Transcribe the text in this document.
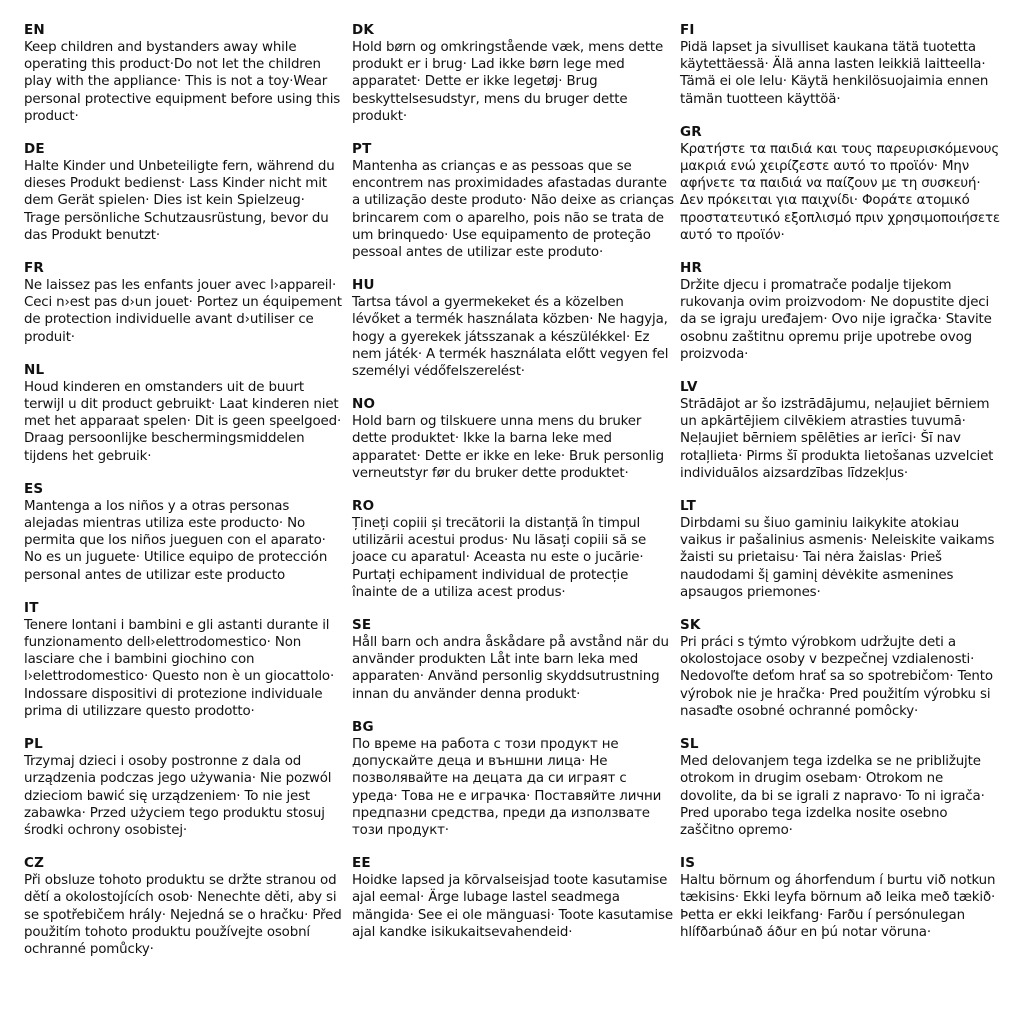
EN
Keep children and bystanders away while operating this product·Do not let the children play with the appliance· This is not a toy·Wear personal protective equipment before using this product·
DE
Halte Kinder und Unbeteiligte fern, während du dieses Produkt bedienst· Lass Kinder nicht mit dem Gerät spielen· Dies ist kein Spielzeug· Trage persönliche Schutzausrüstung, bevor du das Produkt benutzt·
FR
Ne laissez pas les enfants jouer avec l›appareil· Ceci n›est pas d›un jouet· Portez un équipement de protection individuelle avant d›utiliser ce produit·
NL
Houd kinderen en omstanders uit de buurt terwijl u dit product gebruikt· Laat kinderen niet met het apparaat spelen· Dit is geen speelgoed· Draag persoonlijke beschermingsmiddelen tijdens het gebruik·
ES
Mantenga a los niños y a otras personas alejadas mientras utiliza este producto· No permita que los niños jueguen con el aparato· No es un juguete· Utilice equipo de protección personal antes de utilizar este producto
IT
Tenere lontani i bambini e gli astanti durante il funzionamento dell›elettrodomestico· Non lasciare che i bambini giochino con l›elettrodomestico· Questo non è un giocattolo· Indossare dispositivi di protezione individuale prima di utilizzare questo prodotto·
PL
Trzymaj dzieci i osoby postronne z dala od urządzenia podczas jego używania· Nie pozwól dzieciom bawić się urządzeniem· To nie jest zabawka· Przed użyciem tego produktu stosuj środki ochrony osobistej·
CZ
Při obsluze tohoto produktu se držte stranou od dětí a okolostojících osob· Nenechte děti, aby si se spotřebičem hrály· Nejedná se o hračku· Před použitím tohoto produktu používejte osobní ochranné pomůcky·
DK
Hold børn og omkringstående væk, mens dette produkt er i brug· Lad ikke børn lege med apparatet· Dette er ikke legetøj· Brug beskyttelsesudstyr, mens du bruger dette produkt·
PT
Mantenha as crianças e as pessoas que se encontrem nas proximidades afastadas durante a utilização deste produto· Não deixe as crianças brincarem com o aparelho, pois não se trata de um brinquedo· Use equipamento de proteção pessoal antes de utilizar este produto·
HU
Tartsa távol a gyermekeket és a közelben lévőket a termék használata közben· Ne hagyja, hogy a gyerekek játsszanak a készülékkel· Ez nem játék· A termék használata előtt vegyen fel személyi védőfelszerelést·
NO
Hold barn og tilskuere unna mens du bruker dette produktet· Ikke la barna leke med apparatet· Dette er ikke en leke· Bruk personlig verneutstyr før du bruker dette produktet·
RO
Țineți copiii și trecătorii la distanță în timpul utilizării acestui produs· Nu lăsați copiii să se joace cu aparatul· Aceasta nu este o jucărie· Purtați echipament individual de protecție înainte de a utiliza acest produs·
SE
Håll barn och andra åskådare på avstånd när du använder produkten Låt inte barn leka med apparaten· Använd personlig skyddsutrustning innan du använder denna produkt·
BG
По време на работа с този продукт не допускайте деца и външни лица· Не позволявайте на децата да си играят с уреда· Това не е играчка· Поставяйте лични предпазни средства, преди да използвате този продукт·
EE
Hoidke lapsed ja kõrvalseisjad toote kasutamise ajal eemal· Ärge lubage lastel seadmega mängida· See ei ole mänguasi· Toote kasutamise ajal kandke isikukaitsevahendeid·
FI
Pidä lapset ja sivulliset kaukana tätä tuotetta käytettäessä· Älä anna lasten leikkiä laitteella· Tämä ei ole lelu· Käytä henkilösuojaimia ennen tämän tuotteen käyttöä·
GR
Κρατήστε τα παιδιά και τους παρευρισκόμενους μακριά ενώ χειρίζεστε αυτό το προϊόν· Μην αφήνετε τα παιδιά να παίζουν με τη συσκευή· Δεν πρόκειται για παιχνίδι· Φοράτε ατομικό προστατευτικό εξοπλισμό πριν χρησιμοποιήσετε αυτό το προϊόν·
HR
Držite djecu i promatrače podalje tijekom rukovanja ovim proizvodom· Ne dopustite djeci da se igraju uređajem· Ovo nije igračka· Stavite osobnu zaštitnu opremu prije upotrebe ovog proizvoda·
LV
Strādājot ar šo izstrādājumu, neļaujiet bērniem un apkārtējiem cilvēkiem atrasties tuvumā· Neļaujiet bērniem spēlēties ar ierīci· Šī nav rotaļlieta· Pirms šī produkta lietošanas uzvelciet individuālos aizsardzības līdzekļus·
LT
Dirbdami su šiuo gaminiu laikykite atokiau vaikus ir pašalinius asmenis· Neleiskite vaikams žaisti su prietaisu· Tai nėra žaislas· Prieš naudodami šį gaminį dėvėkite asmenines apsaugos priemones·
SK
Pri práci s týmto výrobkom udržujte deti a okolostojace osoby v bezpečnej vzdialenosti· Nedovoľte deťom hrať sa so spotrebičom· Tento výrobok nie je hračka· Pred použitím výrobku si nasaďte osobné ochranné pomôcky·
SL
Med delovanjem tega izdelka se ne približujte otrokom in drugim osebam· Otrokom ne dovolite, da bi se igrali z napravo· To ni igrača· Pred uporabo tega izdelka nosite osebno zaščitno opremo·
IS
Haltu börnum og áhorfendum í burtu við notkun tækisins· Ekki leyfa börnum að leika með tækið· Þetta er ekki leikfang· Farðu í persónulegan hlífðarbúnað áður en þú notar vöruna·
